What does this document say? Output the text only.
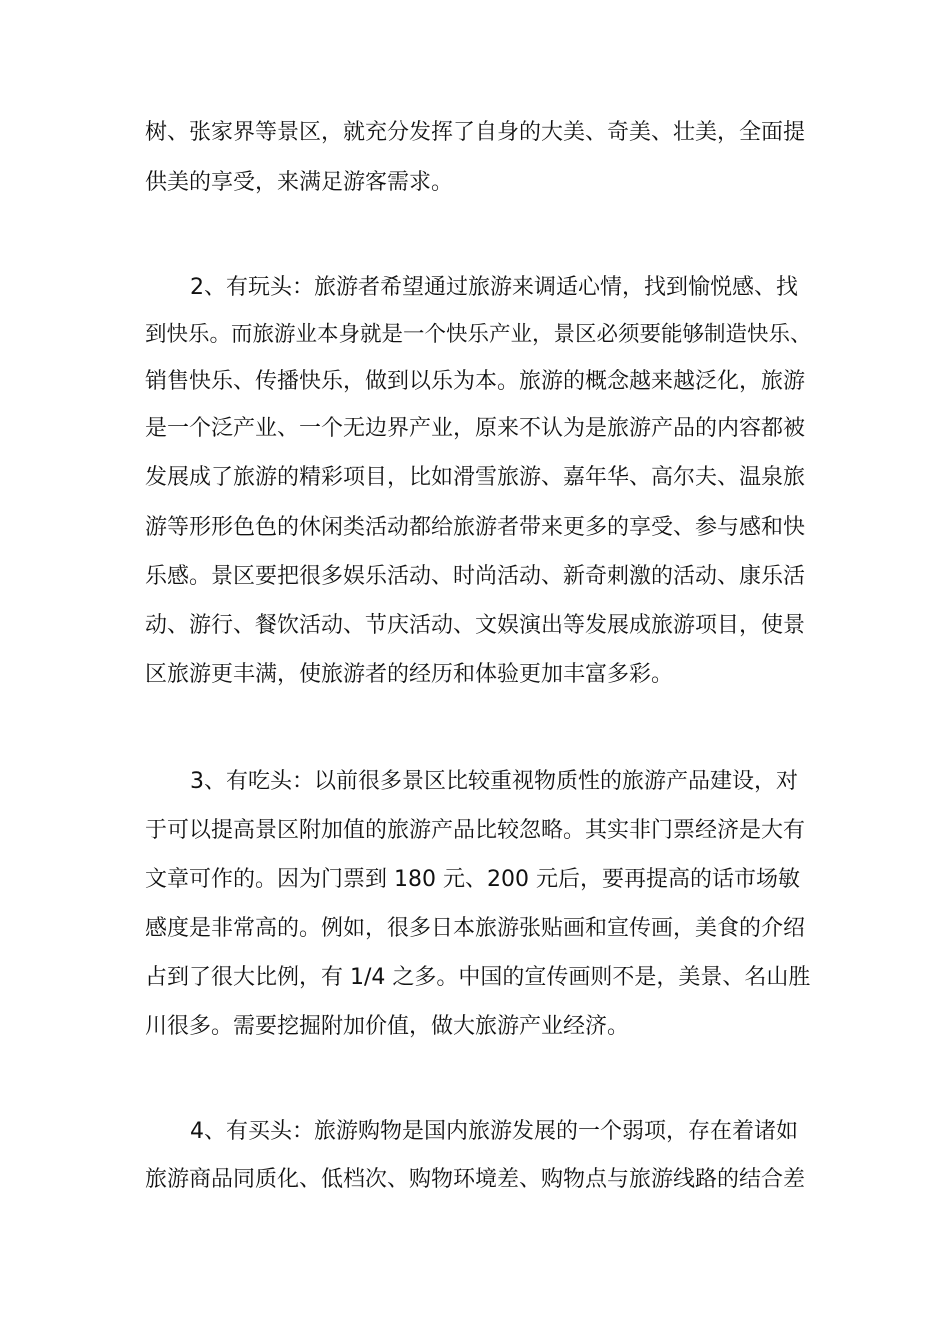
树、张家界等景区，就充分发挥了自身的大美、奇美、壮美，全面提
供美的享受，来满足游客需求。
2、有玩头：旅游者希望通过旅游来调适心情，找到愉悦感、找
到快乐。而旅游业本身就是一个快乐产业，景区必须要能够制造快乐、
销售快乐、传播快乐，做到以乐为本。旅游的概念越来越泛化，旅游
是一个泛产业、一个无边界产业，原来不认为是旅游产品的内容都被
发展成了旅游的精彩项目，比如滑雪旅游、嘉年华、高尔夫、温泉旅
游等形形色色的休闲类活动都给旅游者带来更多的享受、参与感和快
乐感。景区要把很多娱乐活动、时尚活动、新奇刺激的活动、康乐活
动、游行、餐饮活动、节庆活动、文娱演出等发展成旅游项目，使景
区旅游更丰满，使旅游者的经历和体验更加丰富多彩。
3、有吃头：以前很多景区比较重视物质性的旅游产品建设，对
于可以提高景区附加值的旅游产品比较忽略。其实非门票经济是大有
文章可作的。因为门票到 180 元、200 元后，要再提高的话市场敏
感度是非常高的。例如，很多日本旅游张贴画和宣传画，美食的介绍
占到了很大比例，有 1/4 之多。中国的宣传画则不是，美景、名山胜
川很多。需要挖掘附加价值，做大旅游产业经济。
4、有买头：旅游购物是国内旅游发展的一个弱项，存在着诸如
旅游商品同质化、低档次、购物环境差、购物点与旅游线路的结合差
